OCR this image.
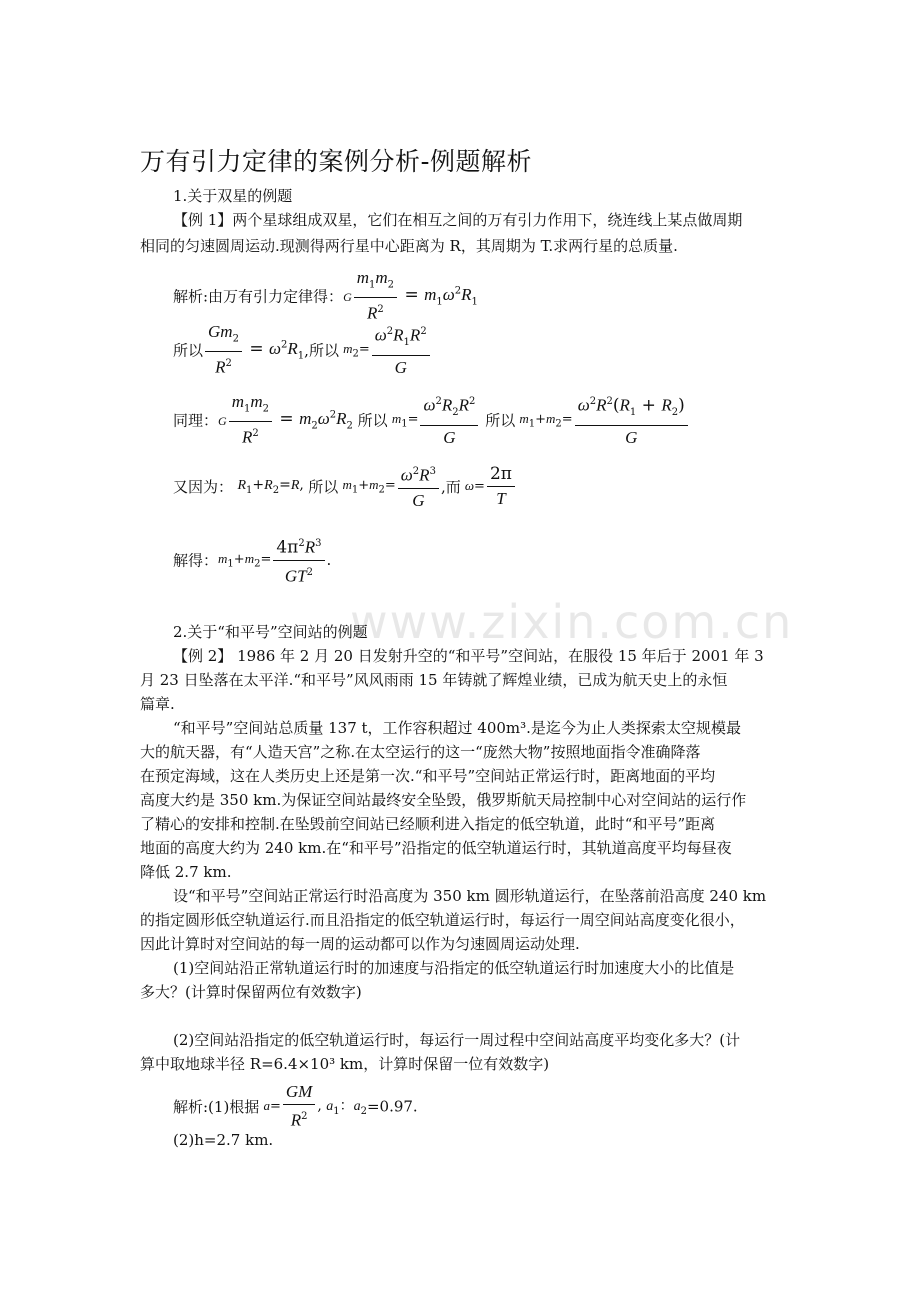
www.zixin.com.cn
万有引力定律的案例分析-例题解析
1.关于双星的例题
【例 1】两个星球组成双星，它们在相互之间的万有引力作用下，绕连线上某点做周期
相同的匀速圆周运动.现测得两行星中心距离为 R，其周期为 T.求两行星的总质量.
解析:由万有引力定律得：G $\frac{m_1m_2}{R^2} = m_1\omega^2R_1$
所以 $\frac{Gm_2}{R^2} = \omega^2R_1$,所以 $m_2= \frac{\omega^2R_1R^2}{G}$
同理：G $\frac{m_1m_2}{R^2} = m_2\omega^2R_2$ 所以 $m_1= \frac{\omega^2R_2R^2}{G}$ 所以 $m_1+m_2= \frac{\omega^2R^2(R_1 + R_2)}{G}$
又因为： $R_1+R_2=R$, 所以 $m_1+m_2= \frac{\omega^2R^3}{G}$ ,而 $\omega= \frac{2\pi}{T}$
解得：$m_1+m_2= \frac{4\pi^2R^3}{GT^2}$ .
2.关于“和平号”空间站的例题
【例 2】 1986 年 2 月 20 日发射升空的“和平号”空间站，在服役 15 年后于 2001 年 3
月 23 日坠落在太平洋.“和平号”风风雨雨 15 年铸就了辉煌业绩，已成为航天史上的永恒
篇章.
“和平号”空间站总质量 137 t，工作容积超过 400m³.是迄今为止人类探索太空规模最
大的航天器，有“人造天宫”之称.在太空运行的这一“庞然大物”按照地面指令准确降落
在预定海域，这在人类历史上还是第一次.“和平号”空间站正常运行时，距离地面的平均
高度大约是 350 km.为保证空间站最终安全坠毁，俄罗斯航天局控制中心对空间站的运行作
了精心的安排和控制.在坠毁前空间站已经顺利进入指定的低空轨道，此时“和平号”距离
地面的高度大约为 240 km.在“和平号”沿指定的低空轨道运行时，其轨道高度平均每昼夜
降低 2.7 km.
设“和平号”空间站正常运行时沿高度为 350 km 圆形轨道运行，在坠落前沿高度 240 km
的指定圆形低空轨道运行.而且沿指定的低空轨道运行时，每运行一周空间站高度变化很小，
因此计算时对空间站的每一周的运动都可以作为匀速圆周运动处理.
(1)空间站沿正常轨道运行时的加速度与沿指定的低空轨道运行时加速度大小的比值是
多大？(计算时保留两位有效数字)
(2)空间站沿指定的低空轨道运行时，每运行一周过程中空间站高度平均变化多大？(计
算中取地球半径 R=6.4×10³ km，计算时保留一位有效数字)
解析:(1)根据 $a= \frac{GM}{R^2}$ , $a_1$：$a_2=0.97$.
(2)h=2.7 km.
